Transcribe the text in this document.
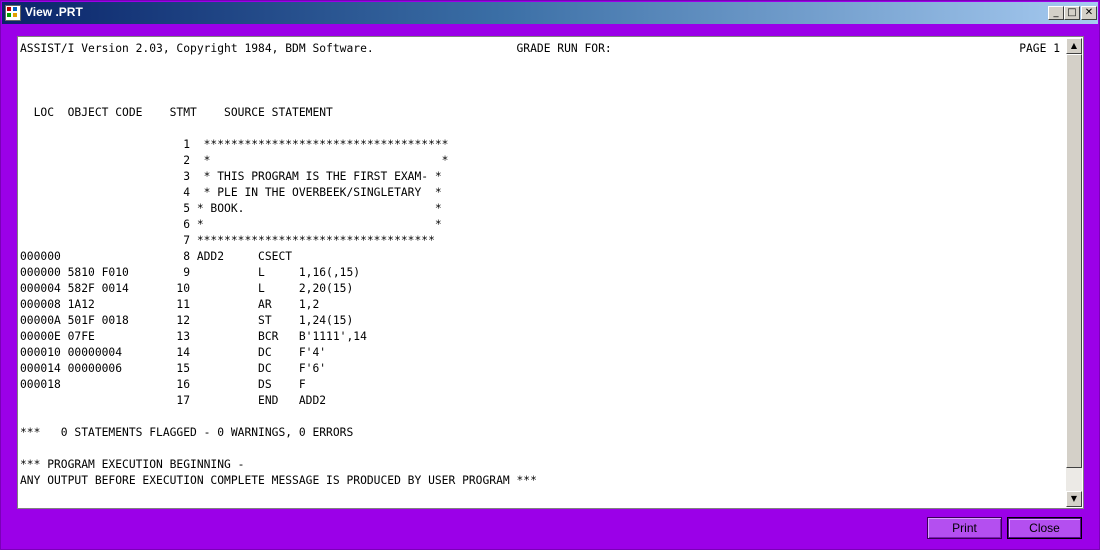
View .PRT	_ □ ✕
PAGE 1
ASSIST/I Version 2.03, Copyright 1984, BDM Software.                     GRADE RUN FOR:
LOC  OBJECT CODE    STMT    SOURCE STATEMENT
1  ************************************
2  *                                  *
3  * THIS PROGRAM IS THE FIRST EXAM- *
4  * PLE IN THE OVERBEEK/SINGLETARY  *
5 * BOOK.                            *
6 *                                  *
7 ***********************************
000000                  8 ADD2     CSECT
000000 5810 F010        9          L     1,16(,15)
000004 582F 0014       10          L     2,20(15)
000008 1A12            11          AR    1,2
00000A 501F 0018       12          ST    1,24(15)
00000E 07FE            13          BCR   B'1111',14
000010 00000004        14          DC    F'4'
000014 00000006        15          DC    F'6'
000018                 16          DS    F
17          END   ADD2
***   0 STATEMENTS FLAGGED - 0 WARNINGS, 0 ERRORS
*** PROGRAM EXECUTION BEGINNING -
ANY OUTPUT BEFORE EXECUTION COMPLETE MESSAGE IS PRODUCED BY USER PROGRAM ***
▲
▼
Print	Close
